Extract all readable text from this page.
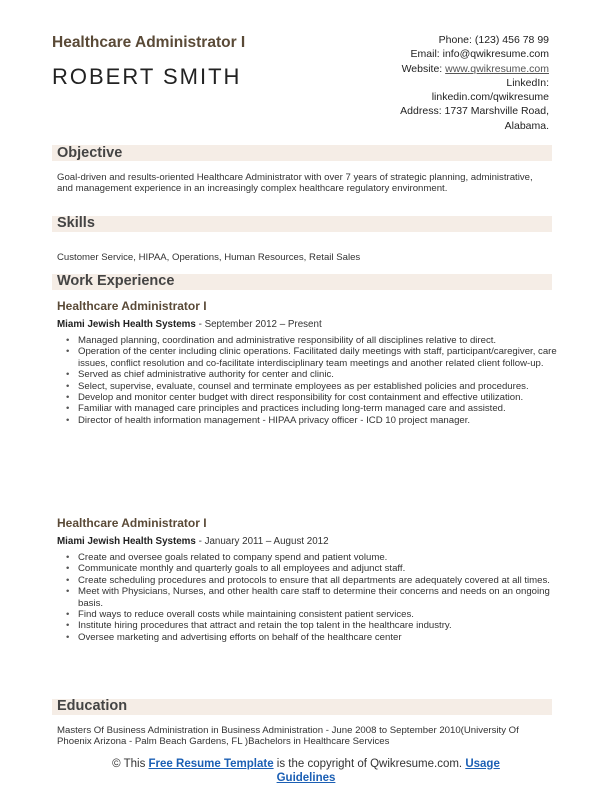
Healthcare Administrator I
ROBERT SMITH
Phone: (123) 456 78 99
Email: info@qwikresume.com
Website: www.qwikresume.com
LinkedIn:
linkedin.com/qwikresume
Address: 1737 Marshville Road,
Alabama.
Objective
Goal-driven and results-oriented Healthcare Administrator with over 7 years of strategic planning, administrative, and management experience in an increasingly complex healthcare regulatory environment.
Skills
Customer Service, HIPAA, Operations, Human Resources, Retail Sales
Work Experience
Healthcare Administrator I
Miami Jewish Health Systems - September 2012 – Present
• Managed planning, coordination and administrative responsibility of all disciplines relative to direct.
• Operation of the center including clinic operations. Facilitated daily meetings with staff, participant/caregiver, care issues, conflict resolution and co-facilitate interdisciplinary team meetings and another related client follow-up.
• Served as chief administrative authority for center and clinic.
• Select, supervise, evaluate, counsel and terminate employees as per established policies and procedures.
• Develop and monitor center budget with direct responsibility for cost containment and effective utilization.
• Familiar with managed care principles and practices including long-term managed care and assisted.
• Director of health information management - HIPAA privacy officer - ICD 10 project manager.
Healthcare Administrator I
Miami Jewish Health Systems - January 2011 – August 2012
• Create and oversee goals related to company spend and patient volume.
• Communicate monthly and quarterly goals to all employees and adjunct staff.
• Create scheduling procedures and protocols to ensure that all departments are adequately covered at all times.
• Meet with Physicians, Nurses, and other health care staff to determine their concerns and needs on an ongoing basis.
• Find ways to reduce overall costs while maintaining consistent patient services.
• Institute hiring procedures that attract and retain the top talent in the healthcare industry.
• Oversee marketing and advertising efforts on behalf of the healthcare center
Education
Masters Of Business Administration in Business Administration - June 2008 to September 2010(University Of Phoenix Arizona - Palm Beach Gardens, FL )Bachelors in Healthcare Services
© This Free Resume Template is the copyright of Qwikresume.com. Usage
Guidelines
